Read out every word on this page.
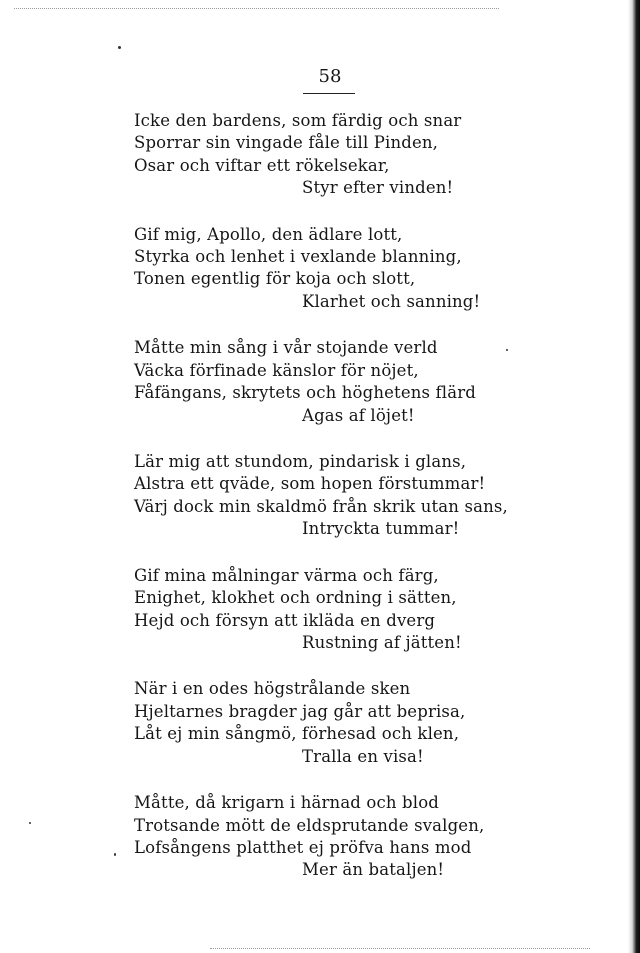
58
Icke den bardens, som färdig och snar
Sporrar sin vingade fåle till Pinden,
Osar och viftar ett rökelsekar,
Styr efter vinden!
Gif mig, Apollo, den ädlare lott,
Styrka och lenhet i vexlande blanning,
Tonen egentlig för koja och slott,
Klarhet och sanning!
Måtte min sång i vår stojande verld
Väcka förfinade känslor för nöjet,
Fåfängans, skrytets och höghetens flärd
Agas af löjet!
Lär mig att stundom, pindarisk i glans,
Alstra ett qväde, som hopen förstummar!
Värj dock min skaldmö från skrik utan sans,
Intryckta tummar!
Gif mina målningar värma och färg,
Enighet, klokhet och ordning i sätten,
Hejd och försyn att ikläda en dverg
Rustning af jätten!
När i en odes högstrålande sken
Hjeltarnes bragder jag går att beprisa,
Låt ej min sångmö, förhesad och klen,
Tralla en visa!
Måtte, då krigarn i härnad och blod
Trotsande mött de eldsprutande svalgen,
Lofsångens platthet ej pröfva hans mod
Mer än bataljen!
